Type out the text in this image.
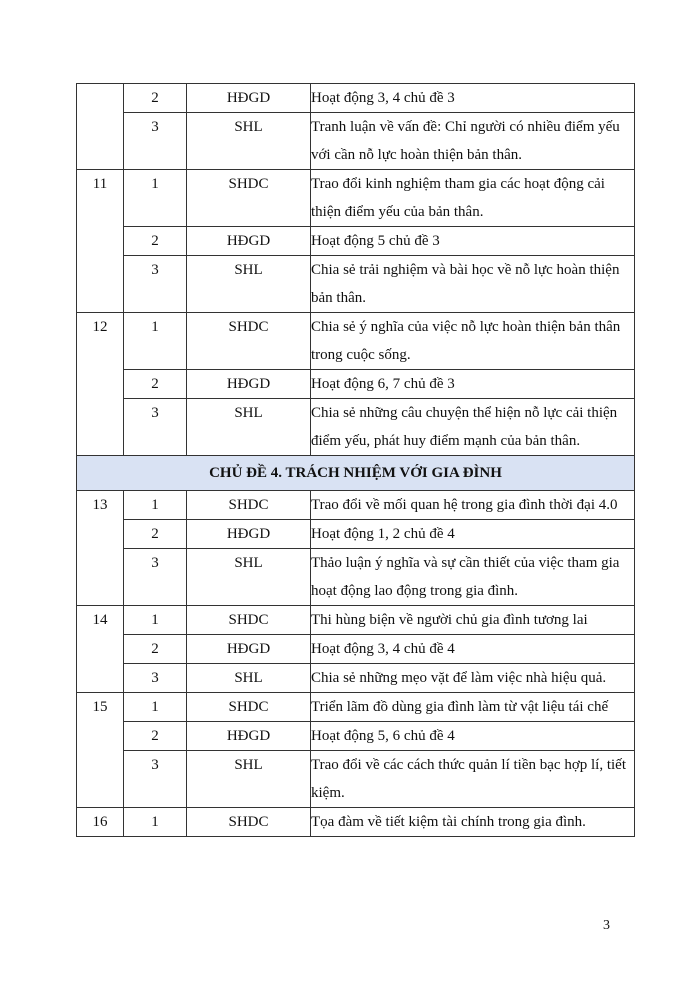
	2	HĐGD	Hoạt động 3, 4 chủ đề 3

	3	SHL	Tranh luận về vấn đề: Chỉ người có nhiều điểm yếu với cần nỗ lực hoàn thiện bản thân.

11	1	SHDC	Trao đổi kinh nghiệm tham gia các hoạt động cải thiện điểm yếu của bản thân.

	2	HĐGD	Hoạt động 5 chủ đề 3

	3	SHL	Chia sẻ trải nghiệm và bài học về nỗ lực hoàn thiện bản thân.

12	1	SHDC	Chia sẻ ý nghĩa của việc nỗ lực hoàn thiện bản thân trong cuộc sống.

	2	HĐGD	Hoạt động 6, 7 chủ đề 3

	3	SHL	Chia sẻ những câu chuyện thể hiện nỗ lực cải thiện điểm yếu, phát huy điểm mạnh của bản thân.

CHỦ ĐỀ 4. TRÁCH NHIỆM VỚI GIA ĐÌNH			
13	1	SHDC	Trao đổi về mối quan hệ trong gia đình thời đại 4.0

	2	HĐGD	Hoạt động 1, 2 chủ đề 4

	3	SHL	Thảo luận ý nghĩa và sự cần thiết của việc tham gia hoạt động lao động trong gia đình.

14	1	SHDC	Thi hùng biện về người chủ gia đình tương lai

	2	HĐGD	Hoạt động 3, 4 chủ đề 4

	3	SHL	Chia sẻ những mẹo vặt để làm việc nhà hiệu quả.

15	1	SHDC	Triển lãm đồ dùng gia đình làm từ vật liệu tái chế

	2	HĐGD	Hoạt động 5, 6 chủ đề 4

	3	SHL	Trao đổi về các cách thức quản lí tiền bạc hợp lí, tiết kiệm.

16	1	SHDC	Tọa đàm về tiết kiệm tài chính trong gia đình.
3
